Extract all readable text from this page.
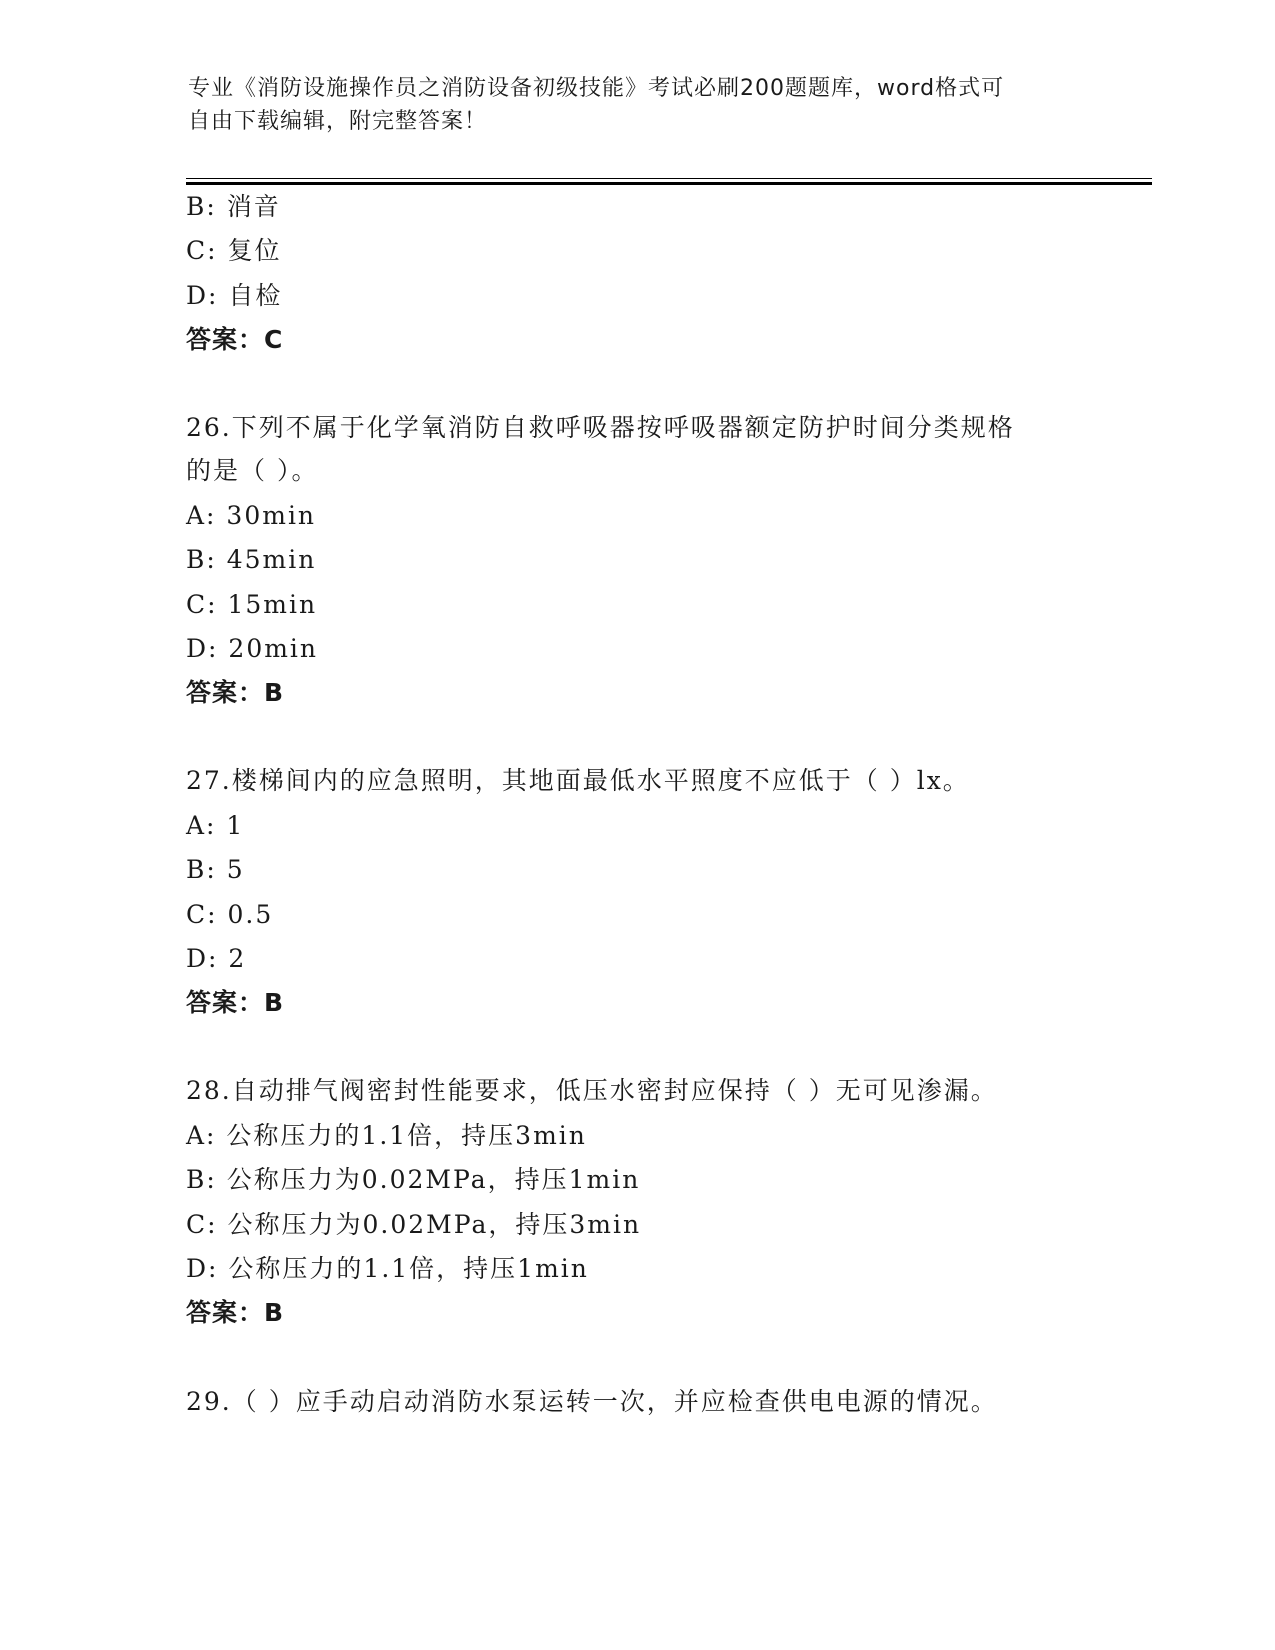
专业《消防设施操作员之消防设备初级技能》考试必刷200题题库，word格式可
自由下载编辑，附完整答案！
B: 消音
C: 复位
D: 自检
答案：C
26.下列不属于化学氧消防自救呼吸器按呼吸器额定防护时间分类规格
的是（ ）。
A: 30min
B: 45min
C: 15min
D: 20min
答案：B
27.楼梯间内的应急照明，其地面最低水平照度不应低于（ ）lx。
A: 1
B: 5
C: 0.5
D: 2
答案：B
28.自动排气阀密封性能要求，低压水密封应保持（ ）无可见渗漏。
A: 公称压力的1.1倍，持压3min
B: 公称压力为0.02MPa，持压1min
C: 公称压力为0.02MPa，持压3min
D: 公称压力的1.1倍，持压1min
答案：B
29.（ ）应手动启动消防水泵运转一次，并应检查供电电源的情况。
